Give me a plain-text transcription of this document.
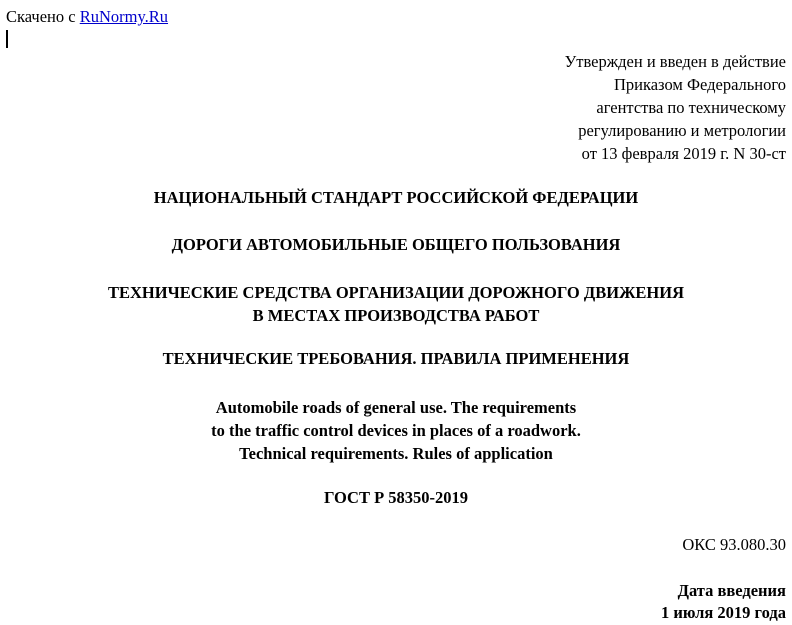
Скачено с RuNormy.Ru
Утвержден и введен в действие
Приказом Федерального
агентства по техническому
регулированию и метрологии
от 13 февраля 2019 г. N 30-ст
НАЦИОНАЛЬНЫЙ СТАНДАРТ РОССИЙСКОЙ ФЕДЕРАЦИИ
ДОРОГИ АВТОМОБИЛЬНЫЕ ОБЩЕГО ПОЛЬЗОВАНИЯ
ТЕХНИЧЕСКИЕ СРЕДСТВА ОРГАНИЗАЦИИ ДОРОЖНОГО ДВИЖЕНИЯ
В МЕСТАХ ПРОИЗВОДСТВА РАБОТ
ТЕХНИЧЕСКИЕ ТРЕБОВАНИЯ. ПРАВИЛА ПРИМЕНЕНИЯ
Automobile roads of general use. The requirements
to the traffic control devices in places of a roadwork.
Technical requirements. Rules of application
ГОСТ Р 58350-2019
ОКС 93.080.30
Дата введения
1 июля 2019 года
